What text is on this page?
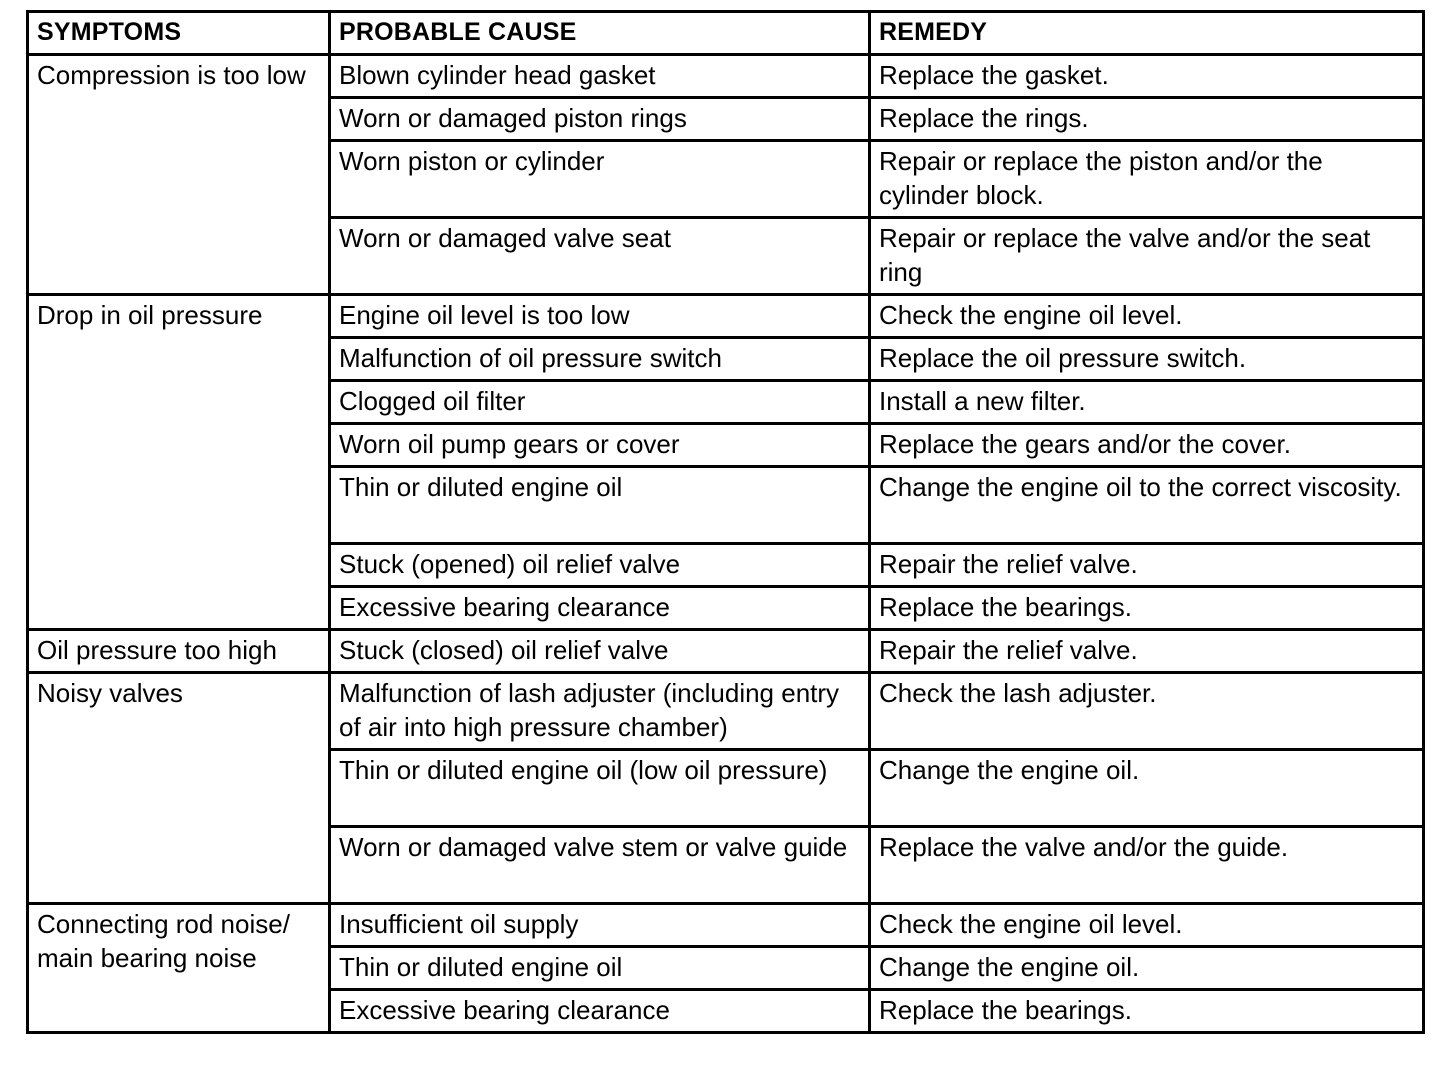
SYMPTOMS	PROBABLE CAUSE	REMEDY
Compression is too low	Blown cylinder head gasket	Replace the gasket.
	Worn or damaged piston rings	Replace the rings.
	Worn piston or cylinder	Repair or replace the piston and/or the cylinder block.
	Worn or damaged valve seat	Repair or replace the valve and/or the seat ring
Drop in oil pressure	Engine oil level is too low	Check the engine oil level.
	Malfunction of oil pressure switch	Replace the oil pressure switch.
	Clogged oil filter	Install a new filter.
	Worn oil pump gears or cover	Replace the gears and/or the cover.
	Thin or diluted engine oil	Change the engine oil to the correct viscosity.
	Stuck (opened) oil relief valve	Repair the relief valve.
	Excessive bearing clearance	Replace the bearings.
Oil pressure too high	Stuck (closed) oil relief valve	Repair the relief valve.
Noisy valves	Malfunction of lash adjuster (including entry of air into high pressure chamber)	Check the lash adjuster.
	Thin or diluted engine oil (low oil pressure)	Change the engine oil.
	Worn or damaged valve stem or valve guide	Replace the valve and/or the guide.
Connecting rod noise/ main bearing noise	Insufficient oil supply	Check the engine oil level.
	Thin or diluted engine oil	Change the engine oil.
	Excessive bearing clearance	Replace the bearings.
